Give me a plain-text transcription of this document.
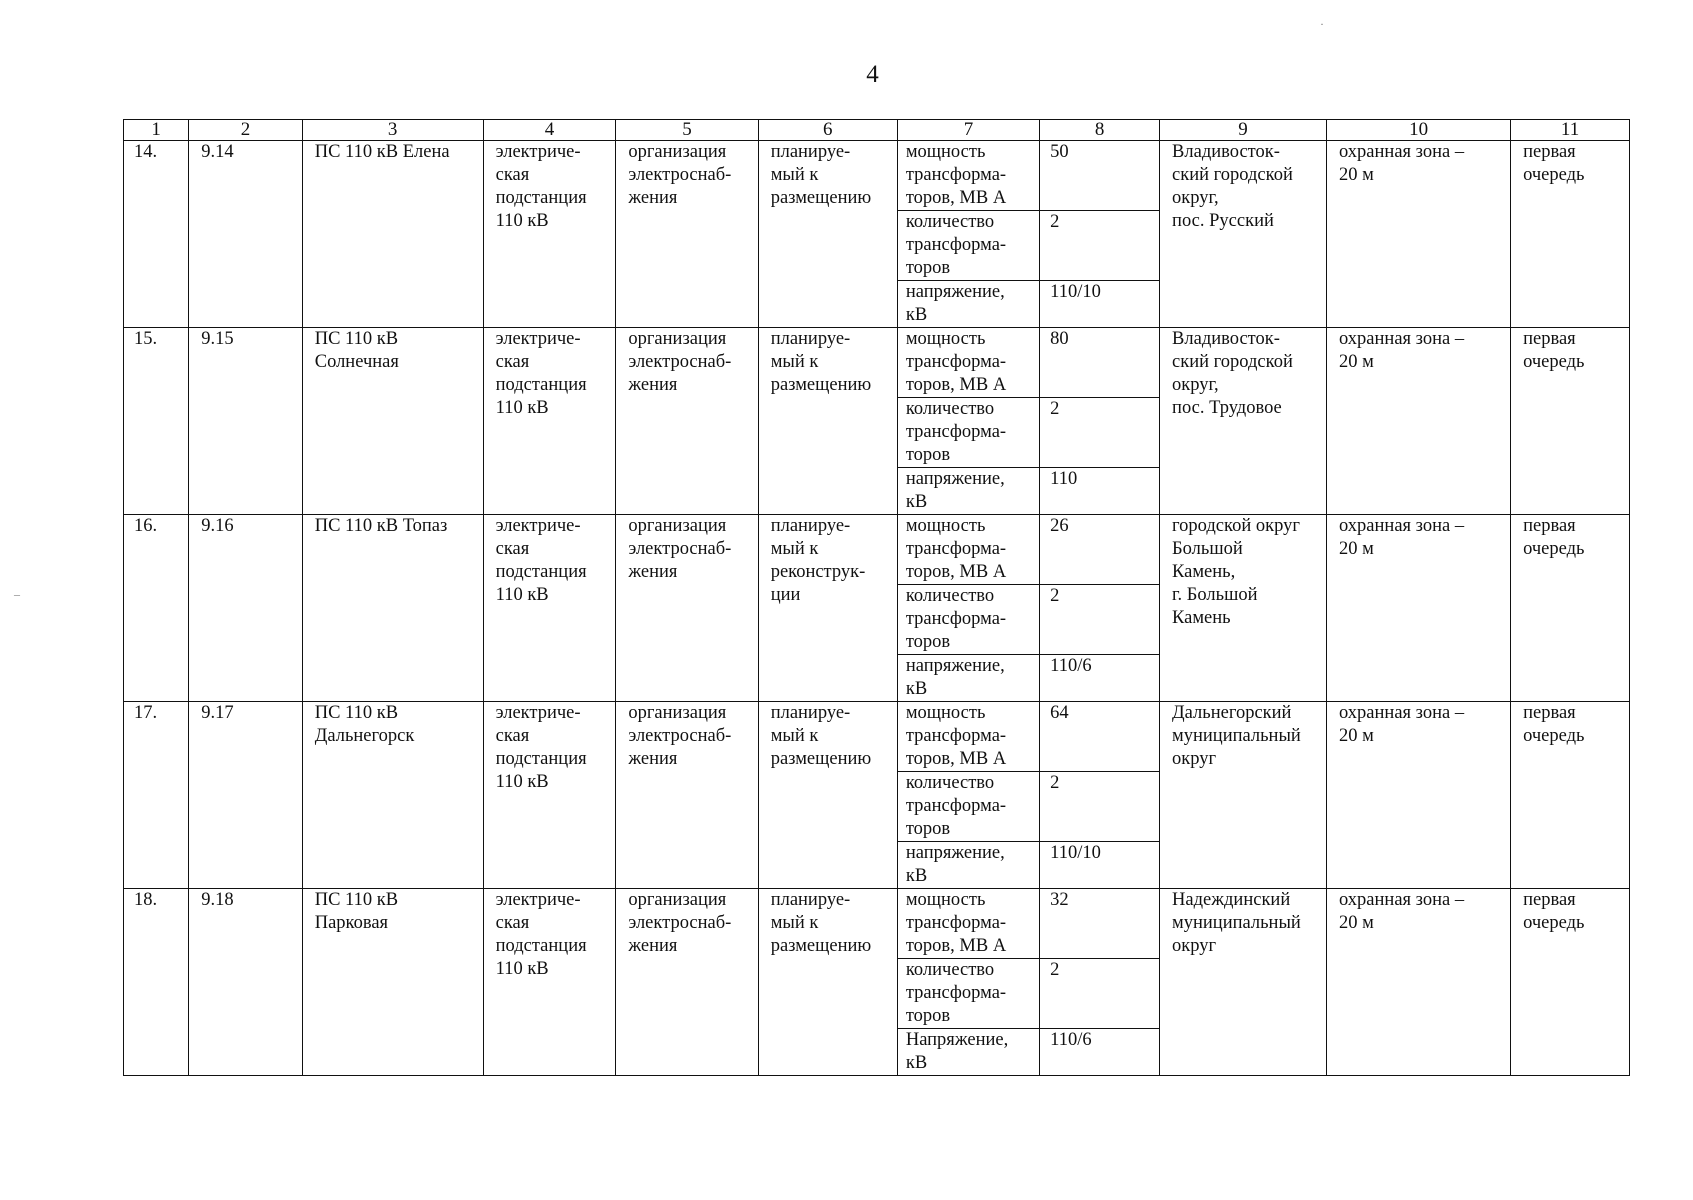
4
·
–
1	2	3	4	5	6	7	8	9	10	11
14.	9.14	ПС 110 кВ Елена	электриче-
ская
подстанция
110 кВ	организация
электроснаб-
жения	планируе-
мый к
размещению	мощность
трансформа-
торов, МВ А	50	Владивосток-
ский городской
округ,
пос. Русский	охранная зона –
20 м	первая
очередь
						количество
трансформа-
торов	2			
						напряжение,
кВ	110/10			
15.	9.15	ПС 110 кВ
Солнечная	электриче-
ская
подстанция
110 кВ	организация
электроснаб-
жения	планируе-
мый к
размещению	мощность
трансформа-
торов, МВ А	80	Владивосток-
ский городской
округ,
пос. Трудовое	охранная зона –
20 м	первая
очередь
						количество
трансформа-
торов	2			
						напряжение,
кВ	110			
16.	9.16	ПС 110 кВ Топаз	электриче-
ская
подстанция
110 кВ	организация
электроснаб-
жения	планируе-
мый к
реконструк-
ции	мощность
трансформа-
торов, МВ А	26	городской округ
Большой
Камень,
г. Большой
Камень	охранная зона –
20 м	первая
очередь
						количество
трансформа-
торов	2			
						напряжение,
кВ	110/6			
17.	9.17	ПС 110 кВ
Дальнегорск	электриче-
ская
подстанция
110 кВ	организация
электроснаб-
жения	планируе-
мый к
размещению	мощность
трансформа-
торов, МВ А	64	Дальнегорский
муниципальный
округ	охранная зона –
20 м	первая
очередь
						количество
трансформа-
торов	2			
						напряжение,
кВ	110/10			
18.	9.18	ПС 110 кВ
Парковая	электриче-
ская
подстанция
110 кВ	организация
электроснаб-
жения	планируе-
мый к
размещению	мощность
трансформа-
торов, МВ А	32	Надеждинский
муниципальный
округ	охранная зона –
20 м	первая
очередь
						количество
трансформа-
торов	2			
						Напряжение,
кВ	110/6			
